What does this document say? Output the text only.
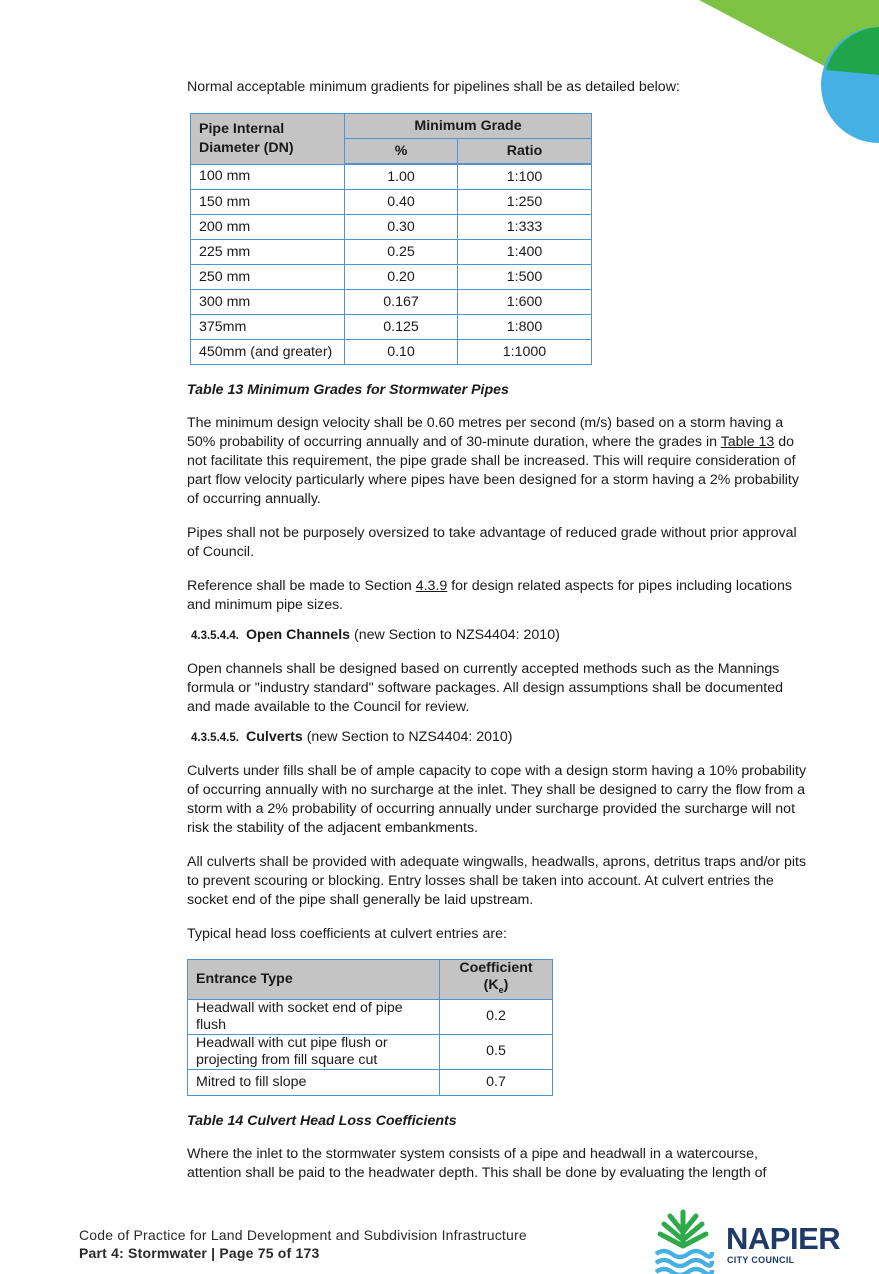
Normal acceptable minimum gradients for pipelines shall be as detailed below:

Pipe Internal Diameter (DN)	Minimum Grade	
	%	Ratio
100 mm	1.00	1:100
150 mm	0.40	1:250
200 mm	0.30	1:333
225 mm	0.25	1:400
250 mm	0.20	1:500
300 mm	0.167	1:600
375mm	0.125	1:800
450mm (and greater)	0.10	1:1000

Table 13 Minimum Grades for Stormwater Pipes

The minimum design velocity shall be 0.60 metres per second (m/s) based on a storm having a 50% probability of occurring annually and of 30-minute duration, where the grades in Table 13 do not facilitate this requirement, the pipe grade shall be increased. This will require consideration of part flow velocity particularly where pipes have been designed for a storm having a 2% probability of occurring annually.

Pipes shall not be purposely oversized to take advantage of reduced grade without prior approval of Council.

Reference shall be made to Section 4.3.9 for design related aspects for pipes including locations and minimum pipe sizes.

4.3.5.4.4. Open Channels (new Section to NZS4404: 2010)

Open channels shall be designed based on currently accepted methods such as the Mannings formula or "industry standard" software packages. All design assumptions shall be documented and made available to the Council for review.

4.3.5.4.5. Culverts (new Section to NZS4404: 2010)

Culverts under fills shall be of ample capacity to cope with a design storm having a 10% probability of occurring annually with no surcharge at the inlet. They shall be designed to carry the flow from a storm with a 2% probability of occurring annually under surcharge provided the surcharge will not risk the stability of the adjacent embankments.

All culverts shall be provided with adequate wingwalls, headwalls, aprons, detritus traps and/or pits to prevent scouring or blocking. Entry losses shall be taken into account. At culvert entries the socket end of the pipe shall generally be laid upstream.

Typical head loss coefficients at culvert entries are:

Entrance Type	Coefficient
$(K_e)$
Headwall with socket end of pipe flush	0.2
Headwall with cut pipe flush or projecting from fill square cut	0.5
Mitred to fill slope	0.7

Table 14 Culvert Head Loss Coefficients

Where the inlet to the stormwater system consists of a pipe and headwall in a watercourse, attention shall be paid to the headwater depth. This shall be done by evaluating the length of

Code of Practice for Land Development and Subdivision Infrastructure
Part 4: Stormwater | Page 75 of 173	NAPIER
CITY COUNCIL
